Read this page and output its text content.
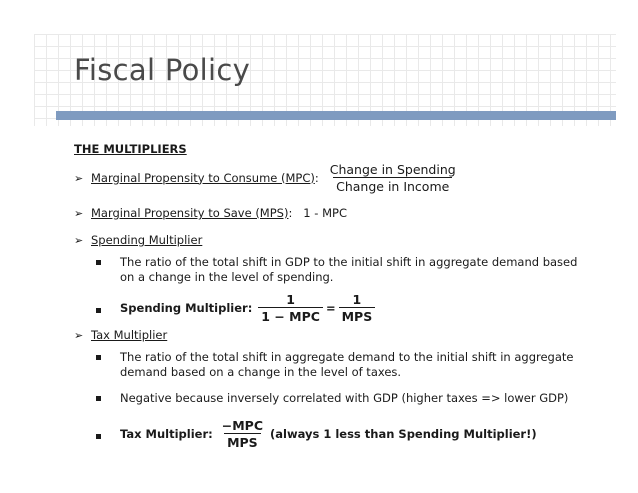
Fiscal Policy
THE MULTIPLIERS
➢ Marginal Propensity to Consume (MPC) : $\frac{\text{Change in Spending}}{\text{Change in Income}}$
➢ Marginal Propensity to Save (MPS) :   1 - MPC
➢ Spending Multiplier
The ratio of the total shift in GDP to the initial shift in aggregate demand based on a change in the level of spending.
Spending Multiplier: $\frac{1}{\text{1 − MPC}} = \frac{1}{\text{MPS}}$
➢ Tax Multiplier
The ratio of the total shift in aggregate demand to the initial shift in aggregate demand based on a change in the level of taxes.
Negative because inversely correlated with GDP (higher taxes => lower GDP)
Tax Multiplier: $\frac{\text{−MPC}}{\text{MPS}}$ (always 1 less than Spending Multiplier!)
